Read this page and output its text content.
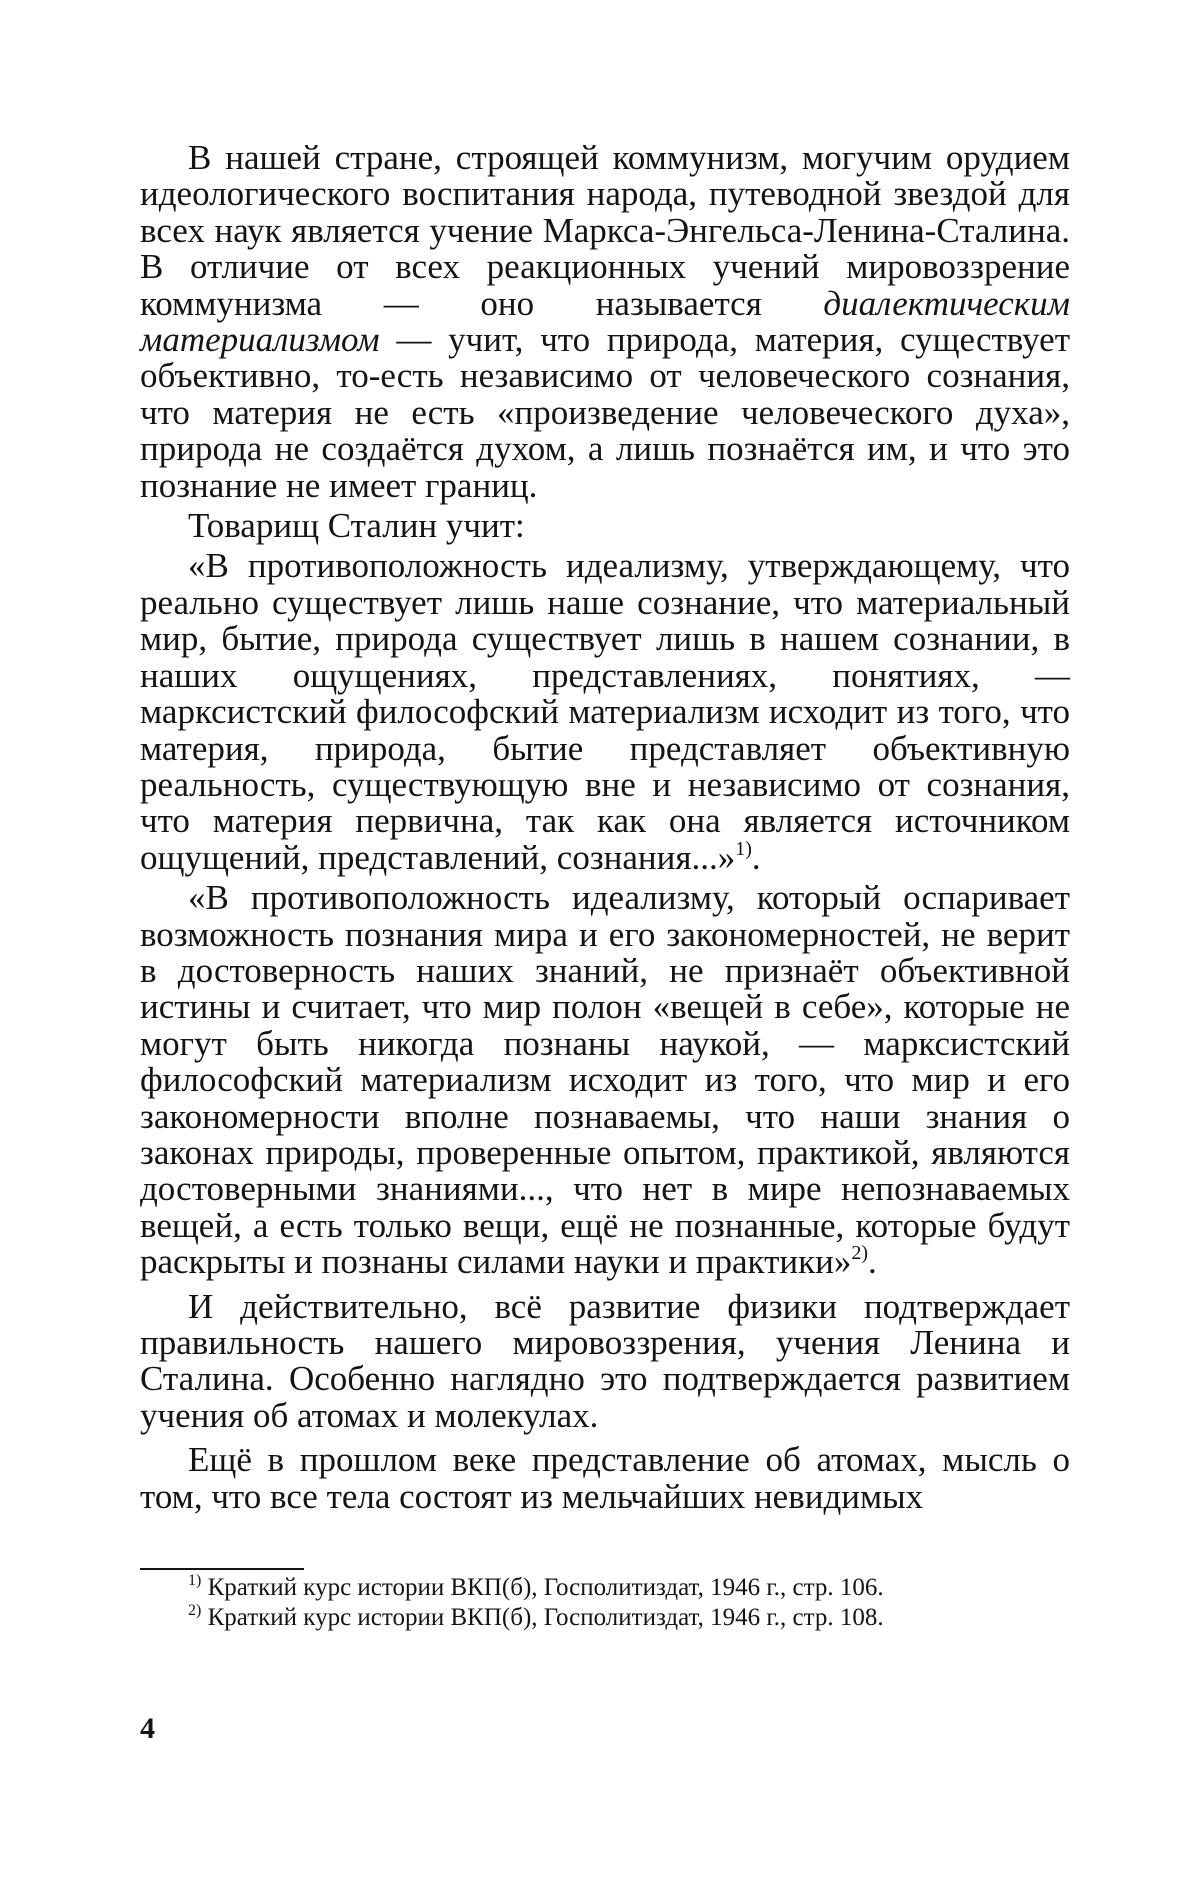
В нашей стране, строящей коммунизм, могучим орудием идеологического воспитания народа, путеводной звездой для всех наук является учение Маркса-Энгельса-Ленина-Сталина. В отличие от всех реакционных учений мировоззрение коммунизма — оно называется диалектическим материализмом — учит, что природа, материя, существует объективно, то-есть независимо от человеческого сознания, что материя не есть «произведение человеческого духа», природа не создаётся духом, а лишь познаётся им, и что это познание не имеет границ.

Товарищ Сталин учит:

«В противоположность идеализму, утверждающему, что реально существует лишь наше сознание, что материальный мир, бытие, природа существует лишь в нашем сознании, в наших ощущениях, представлениях, понятиях, — марксистский философский материализм исходит из того, что материя, природа, бытие представляет объективную реальность, существующую вне и независимо от сознания, что материя первична, так как она является источником ощущений, представлений, сознания...»$^{1)}$.

«В противоположность идеализму, который оспаривает возможность познания мира и его закономерностей, не верит в достоверность наших знаний, не признаёт объективной истины и считает, что мир полон «вещей в себе», которые не могут быть никогда познаны наукой, — марксистский философский материализм исходит из того, что мир и его закономерности вполне познаваемы, что наши знания о законах природы, проверенные опытом, практикой, являются достоверными знаниями..., что нет в мире непознаваемых вещей, а есть только вещи, ещё не познанные, которые будут раскрыты и познаны силами науки и практики»$^{2)}$.

И действительно, всё развитие физики подтверждает правильность нашего мировоззрения, учения Ленина и Сталина. Особенно наглядно это подтверждается развитием учения об атомах и молекулах.

Ещё в прошлом веке представление об атомах, мысль о том, что все тела состоят из мельчайших невидимых

$^{1)}$ Краткий курс истории ВКП(б), Госполитиздат, 1946 г., стр. 106.

$^{2)}$ Краткий курс истории ВКП(б), Госполитиздат, 1946 г., стр. 108.

4
